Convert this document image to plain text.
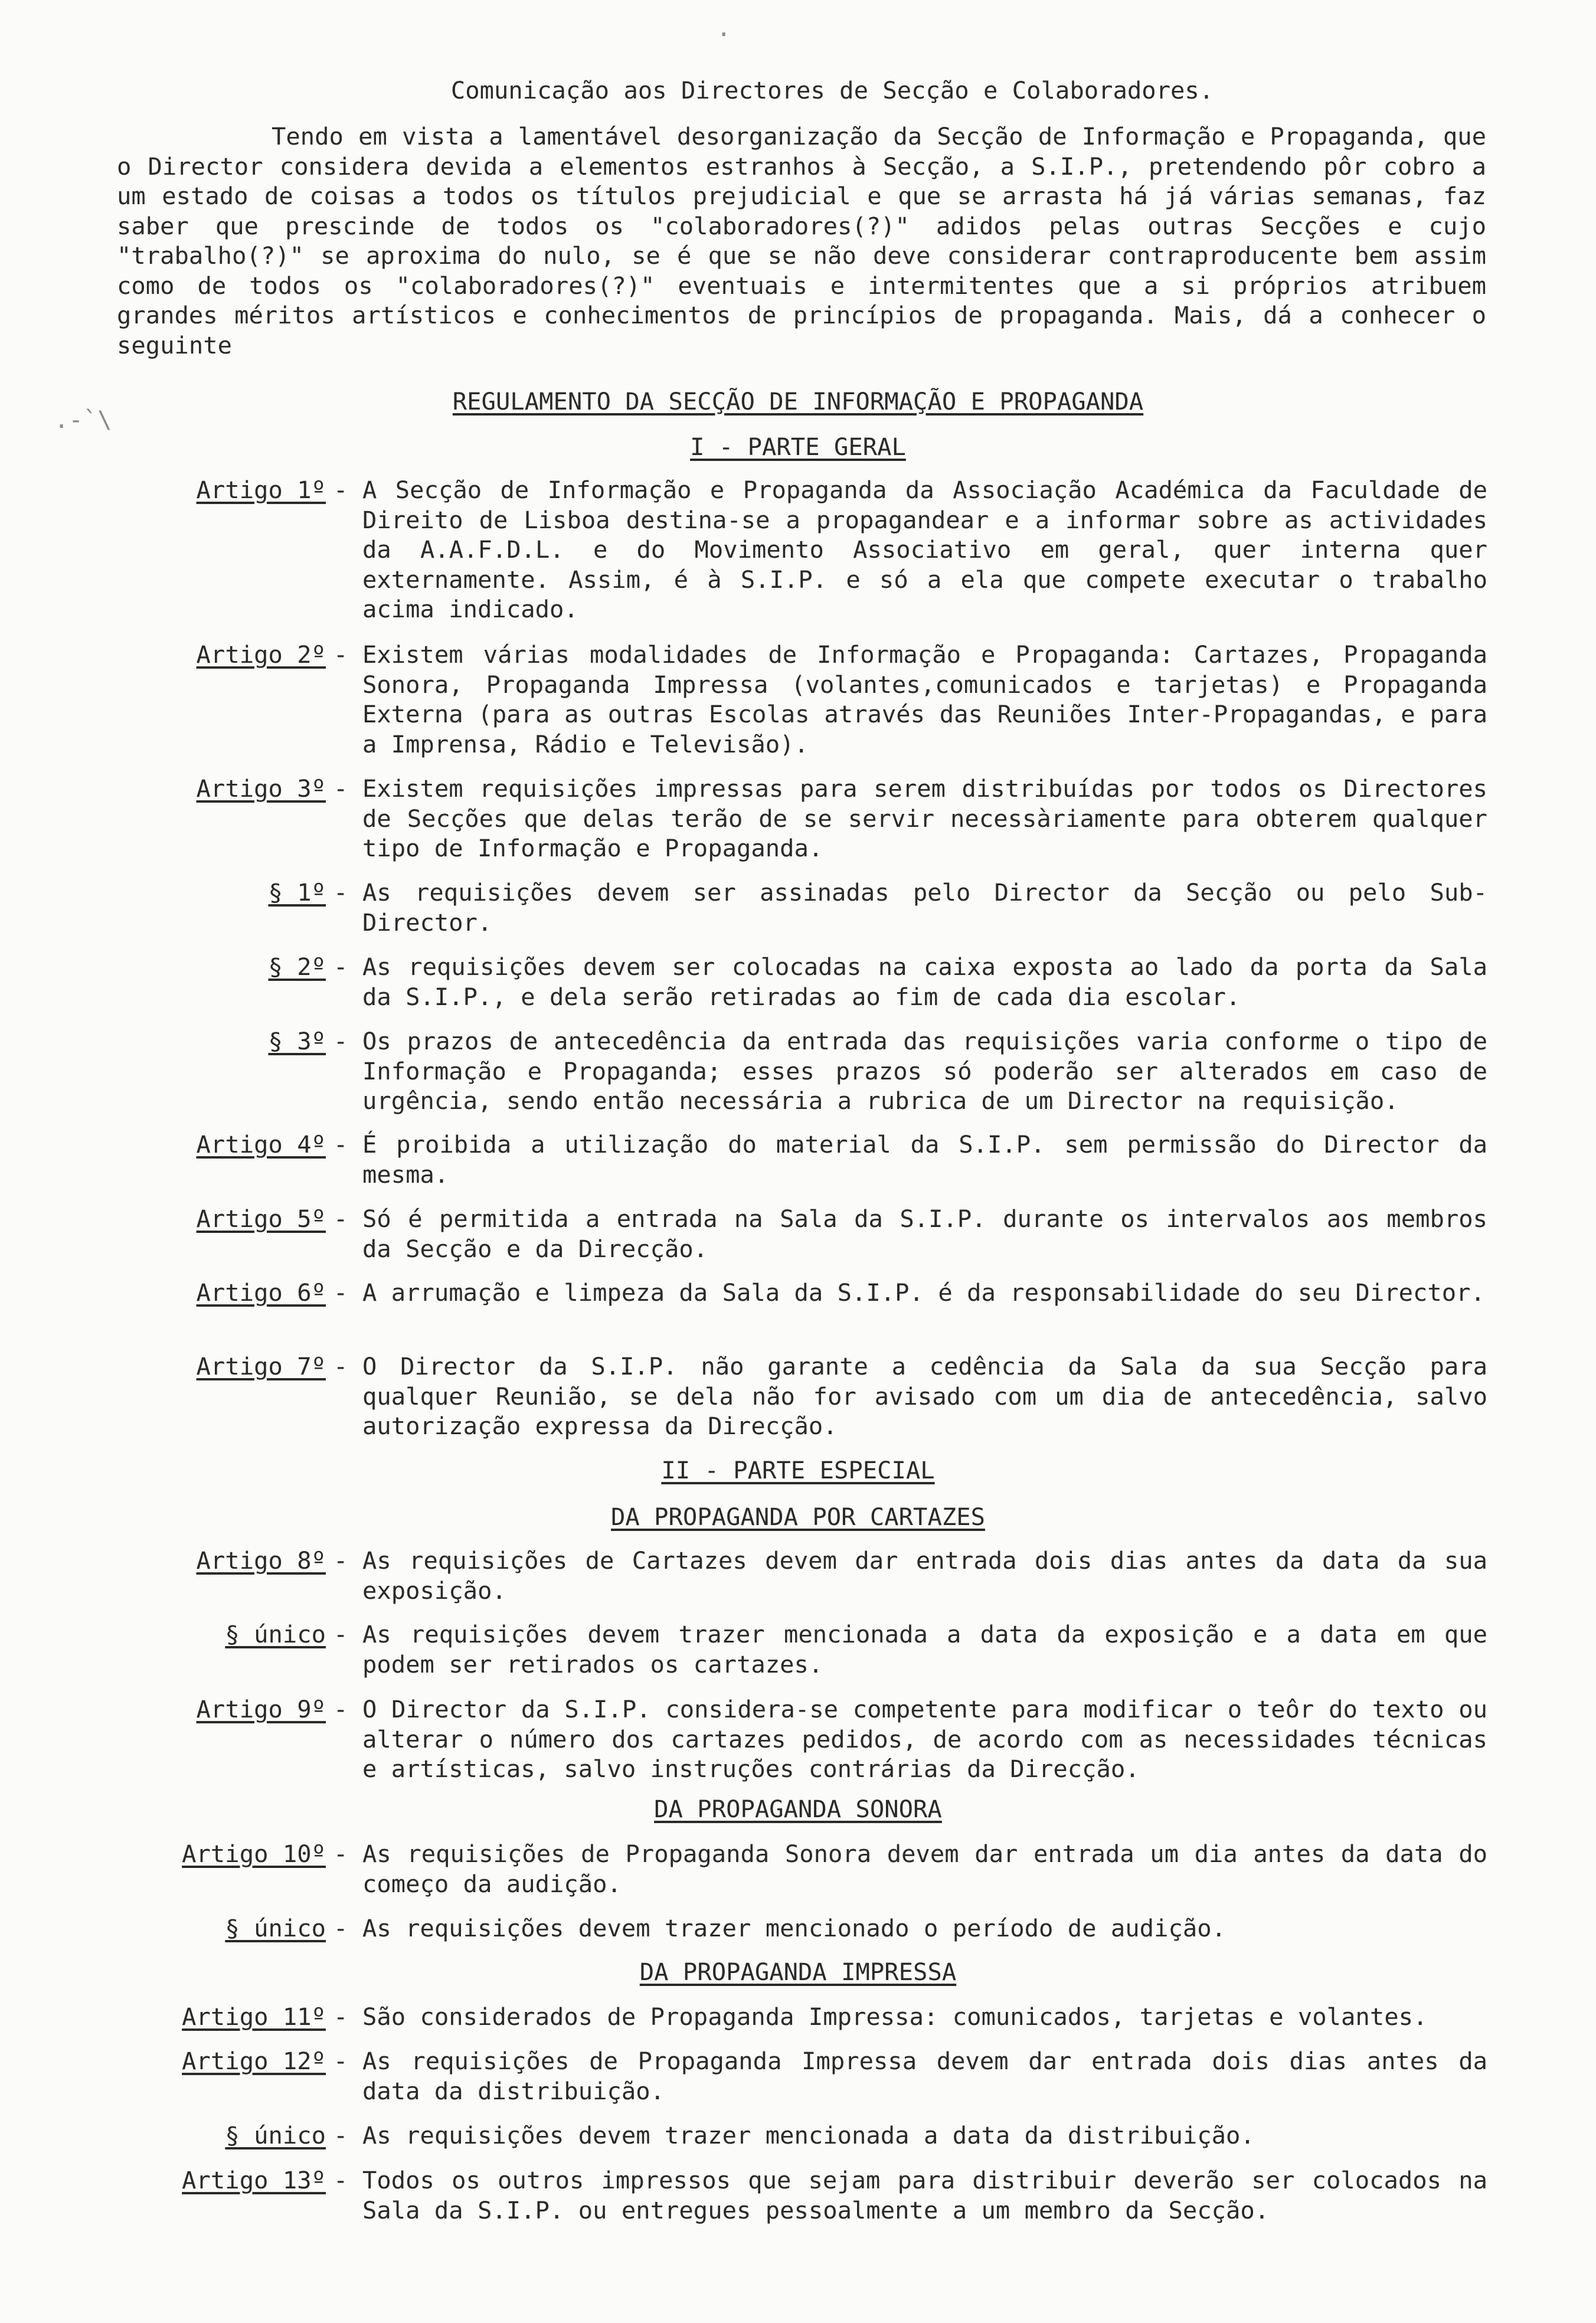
.
.-`\
Comunicação aos Directores de Secção e Colaboradores.
Tendo em vista a lamentável desorganização da Secção de Informação e Propaganda, que o Director considera devida a elementos estranhos à Secção, a S.I.P., pretendendo pôr cobro a um estado de coisas a todos os títulos prejudicial e que se arrasta há já várias semanas, faz saber que prescinde de todos os "colaboradores(?)" adidos pelas outras Secções e cujo "trabalho(?)" se aproxima do nulo, se é que se não deve considerar contraproducente bem assim como de todos os "colaboradores(?)" eventuais e intermitentes que a si próprios atribuem grandes méritos artísticos e conhecimentos de princípios de propaganda. Mais, dá a conhecer o seguinte
REGULAMENTO DA SECÇÃO DE INFORMAÇÃO E PROPAGANDA
I - PARTE GERAL
Artigo 1º - A Secção de Informação e Propaganda da Associação Académica da Faculdade de Direito de Lisboa destina-se a propagandear e a informar sobre as actividades da A.A.F.D.L. e do Movimento Associativo em geral, quer interna quer externamente. Assim, é à S.I.P. e só a ela que compete executar o trabalho acima indicado.
Artigo 2º - Existem várias modalidades de Informação e Propaganda: Cartazes, Propaganda Sonora, Propaganda Impressa (volantes,comunicados e tarjetas) e Propaganda Externa (para as outras Escolas através das Reuniões Inter-Propagandas, e para a Imprensa, Rádio e Televisão).
Artigo 3º - Existem requisições impressas para serem distribuídas por todos os Directores de Secções que delas terão de se servir necessàriamente para obterem qualquer tipo de Informação e Propaganda.
§ 1º - As requisições devem ser assinadas pelo Director da Secção ou pelo Sub-Director.
§ 2º - As requisições devem ser colocadas na caixa exposta ao lado da porta da Sala da S.I.P., e dela serão retiradas ao fim de cada dia escolar.
§ 3º - Os prazos de antecedência da entrada das requisições varia conforme o tipo de Informação e Propaganda; esses prazos só poderão ser alterados em caso de urgência, sendo então necessária a rubrica de um Director na requisição.
Artigo 4º - É proibida a utilização do material da S.I.P. sem permissão do Director da mesma.
Artigo 5º - Só é permitida a entrada na Sala da S.I.P. durante os intervalos aos membros da Secção e da Direcção.
Artigo 6º - A arrumação e limpeza da Sala da S.I.P. é da responsabilidade do seu Director.
Artigo 7º - O Director da S.I.P. não garante a cedência da Sala da sua Secção para qualquer Reunião, se dela não for avisado com um dia de antecedência, salvo autorização expressa da Direcção.
II - PARTE ESPECIAL
DA PROPAGANDA POR CARTAZES
Artigo 8º - As requisições de Cartazes devem dar entrada dois dias antes da data da sua exposição.
§ único - As requisições devem trazer mencionada a data da exposição e a data em que podem ser retirados os cartazes.
Artigo 9º - O Director da S.I.P. considera-se competente para modificar o teôr do texto ou alterar o número dos cartazes pedidos, de acordo com as necessidades técnicas e artísticas, salvo instruções contrárias da Direcção.
DA PROPAGANDA SONORA
Artigo 10º - As requisições de Propaganda Sonora devem dar entrada um dia antes da data do começo da audição.
§ único - As requisições devem trazer mencionado o período de audição.
DA PROPAGANDA IMPRESSA
Artigo 11º - São considerados de Propaganda Impressa: comunicados, tarjetas e volantes.
Artigo 12º - As requisições de Propaganda Impressa devem dar entrada dois dias antes da data da distribuição.
§ único - As requisições devem trazer mencionada a data da distribuição.
Artigo 13º - Todos os outros impressos que sejam para distribuir deverão ser colocados na Sala da S.I.P. ou entregues pessoalmente a um membro da Secção.
